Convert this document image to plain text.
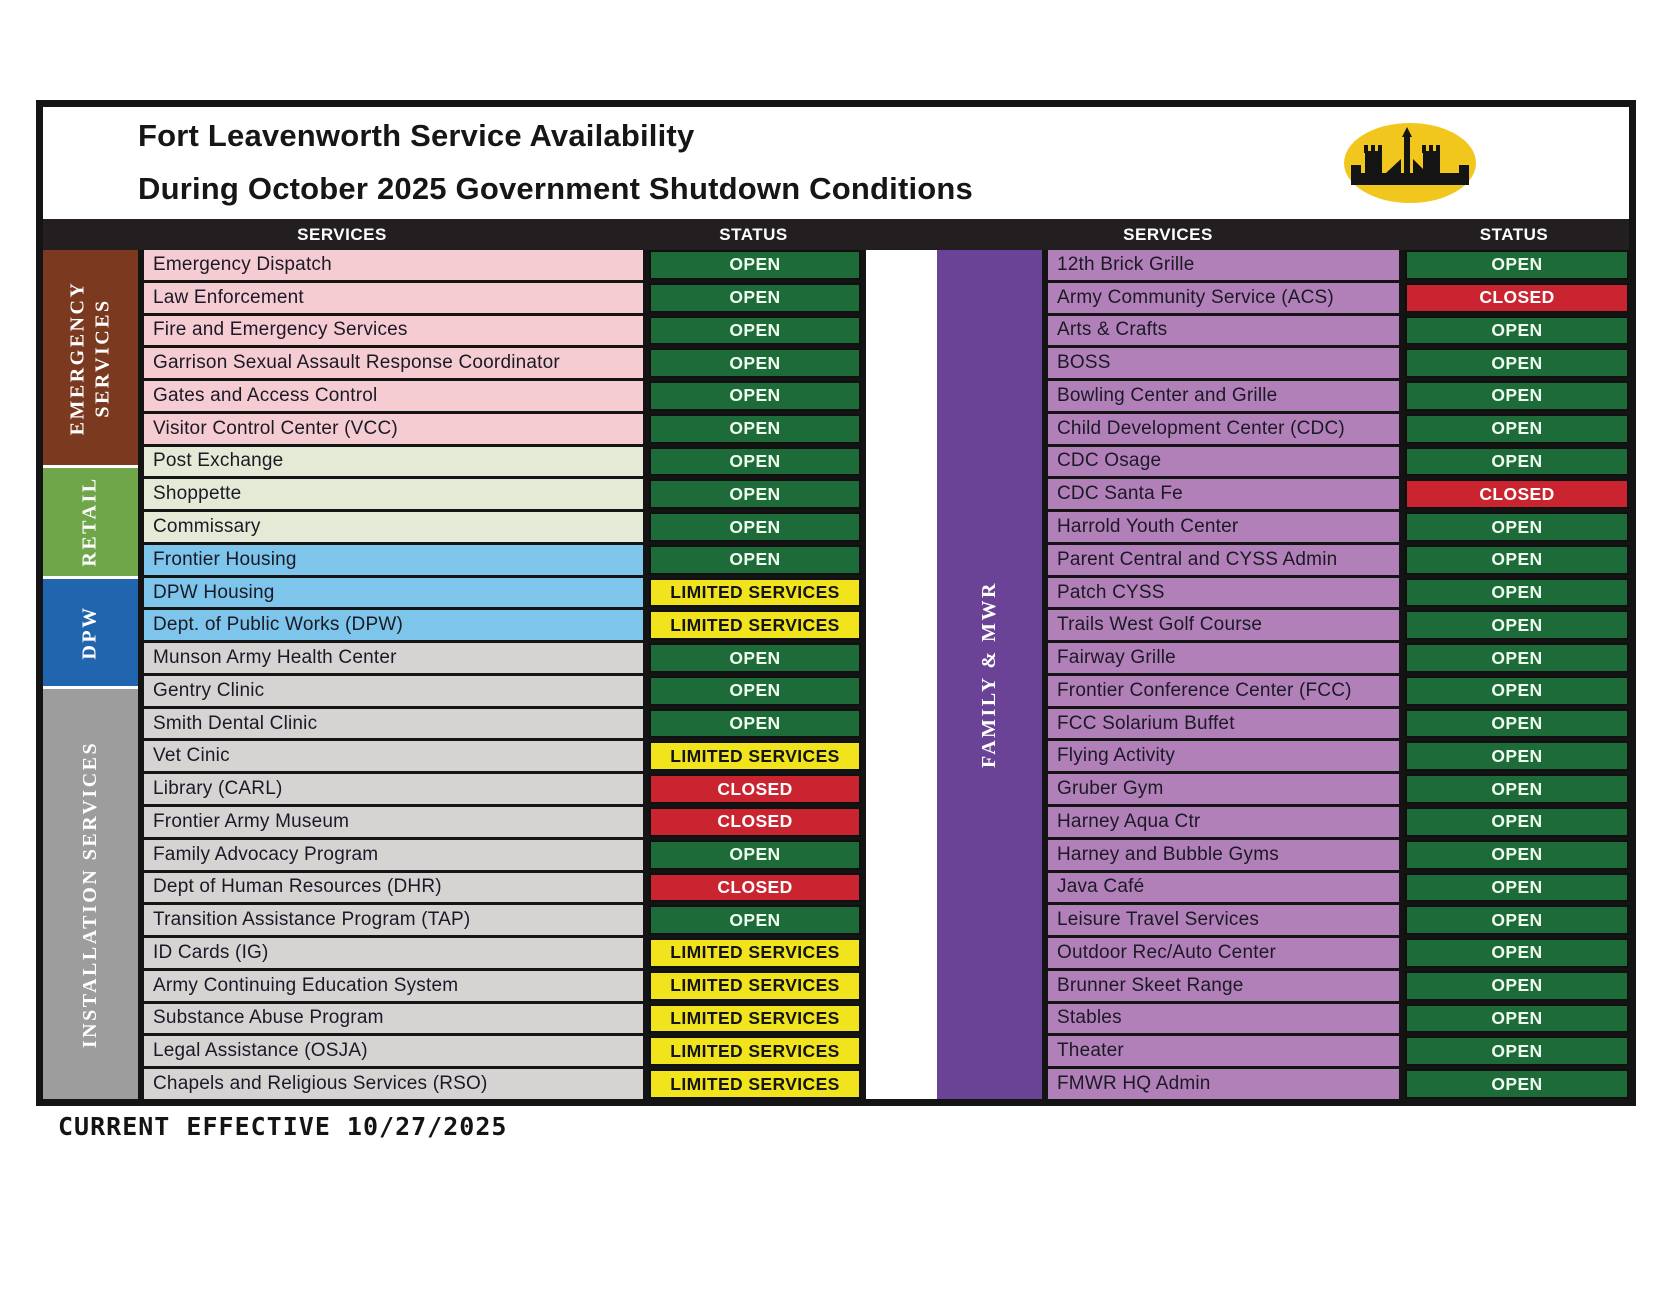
Fort Leavenworth Service Availability
During October 2025 Government Shutdown Conditions
SERVICES	STATUS	SERVICES	STATUS
EMERGENCY SERVICES
RETAIL
DPW
INSTALLATION SERVICES
Emergency Dispatch	OPEN
Law Enforcement	OPEN
Fire and Emergency Services	OPEN
Garrison Sexual Assault Response Coordinator	OPEN
Gates and Access Control	OPEN
Visitor Control Center (VCC)	OPEN
Post Exchange	OPEN
Shoppette	OPEN
Commissary	OPEN
Frontier Housing	OPEN
DPW Housing	LIMITED SERVICES
Dept. of Public Works (DPW)	LIMITED SERVICES
Munson Army Health Center	OPEN
Gentry Clinic	OPEN
Smith Dental Clinic	OPEN
Vet Cinic	LIMITED SERVICES
Library (CARL)	CLOSED
Frontier Army Museum	CLOSED
Family Advocacy Program	OPEN
Dept of Human Resources (DHR)	CLOSED
Transition Assistance Program (TAP)	OPEN
ID Cards (IG)	LIMITED SERVICES
Army Continuing Education System	LIMITED SERVICES
Substance Abuse Program	LIMITED SERVICES
Legal Assistance (OSJA)	LIMITED SERVICES
Chapels and Religious Services (RSO)	LIMITED SERVICES
FAMILY & MWR
12th Brick Grille	OPEN
Army Community Service (ACS)	CLOSED
Arts & Crafts	OPEN
BOSS	OPEN
Bowling Center and Grille	OPEN
Child Development Center (CDC)	OPEN
CDC Osage	OPEN
CDC Santa Fe	CLOSED
Harrold Youth Center	OPEN
Parent Central and CYSS Admin	OPEN
Patch CYSS	OPEN
Trails West Golf Course	OPEN
Fairway Grille	OPEN
Frontier Conference Center (FCC)	OPEN
FCC Solarium Buffet	OPEN
Flying Activity	OPEN
Gruber Gym	OPEN
Harney Aqua Ctr	OPEN
Harney and Bubble Gyms	OPEN
Java Café	OPEN
Leisure Travel Services	OPEN
Outdoor Rec/Auto Center	OPEN
Brunner Skeet Range	OPEN
Stables	OPEN
Theater	OPEN
FMWR HQ Admin	OPEN
CURRENT EFFECTIVE 10/27/2025
